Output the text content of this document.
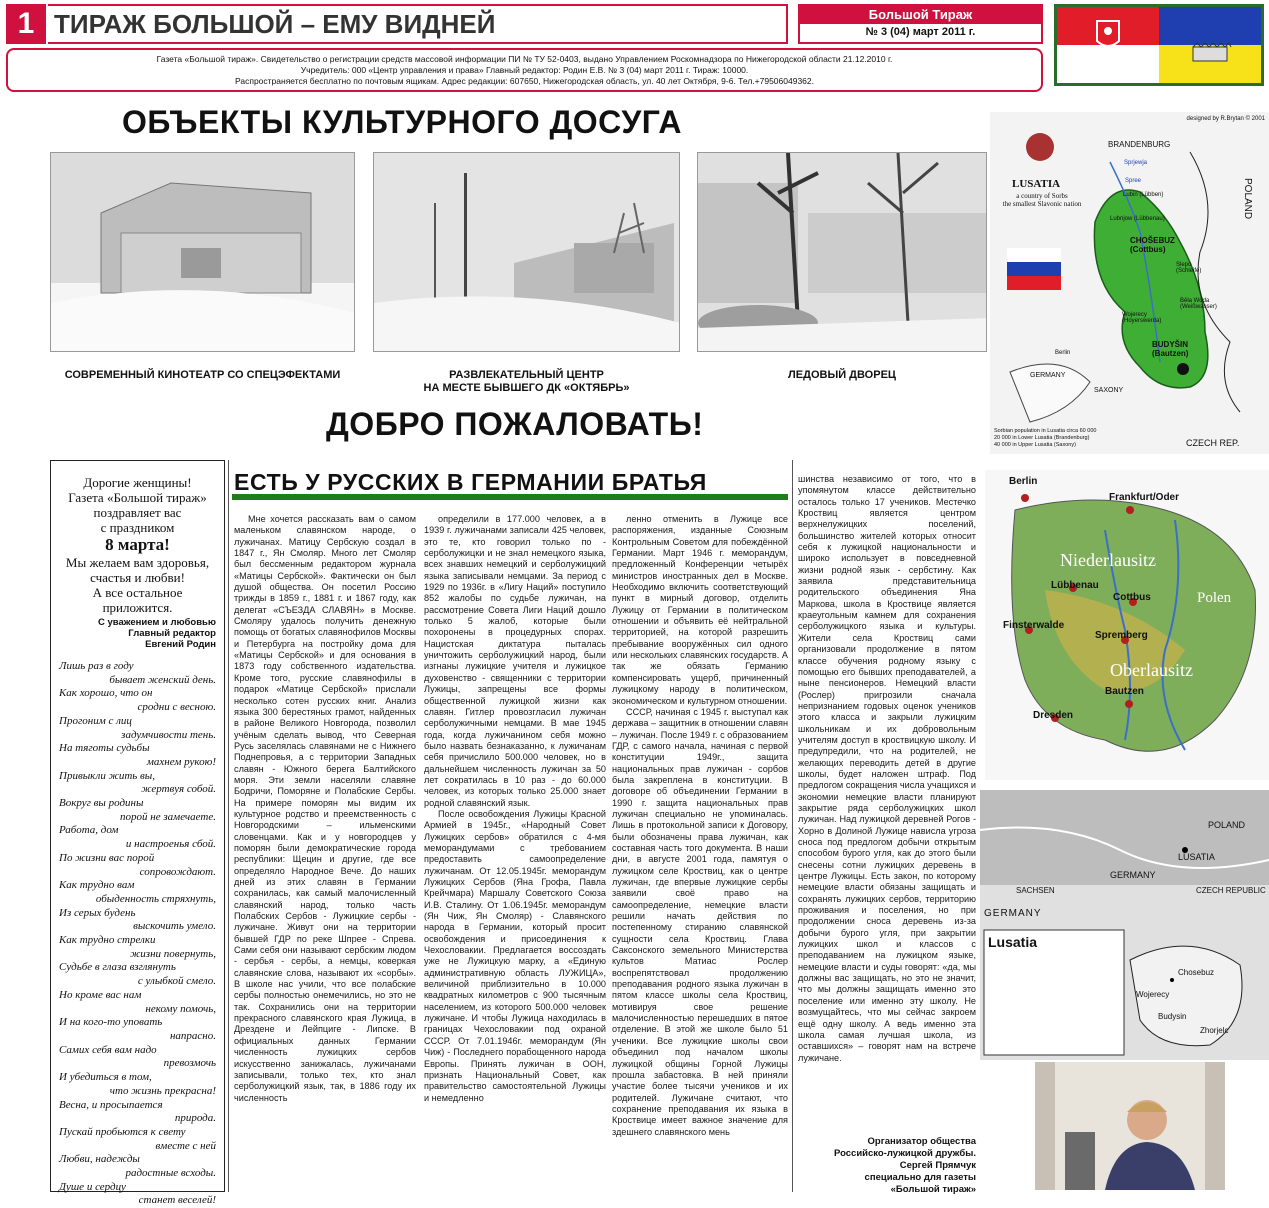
1 ТИРАЖ БОЛЬШОЙ – ЕМУ ВИДНЕЙ	Большой Тираж
№ 3 (04) март 2011 г.
Газета «Большой тираж». Свидетельство о регистрации средств массовой информации ПИ № ТУ 52-0403, выдано Управлением Роскомнадзора по Нижегородской области 21.12.2010 г.
Учредитель: 000 «Центр управления и права» Главный редактор: Родин Е.В. № 3 (04) март 2011 г. Тираж: 10000.
Распространяется бесплатно по почтовым ящикам. Адрес редакции: 607650, Нижегородская область, ул. 40 лет Октября, 9-6. Тел.+79506049362.
ОБЪЕКТЫ КУЛЬТУРНОГО ДОСУГА
СОВРЕМЕННЫЙ КИНОТЕАТР СО СПЕЦЭФЕКТАМИ	РАЗВЛЕКАТЕЛЬНЫЙ ЦЕНТР
НА МЕСТЕ БЫВШЕГО ДК «ОКТЯБРЬ»
ЛЕДОВЫЙ ДВОРЕЦ
ДОБРО ПОЖАЛОВАТЬ!
designed by R.Brytan © 2001
LUSATIA
a country of Sorbs
the smallest Slavonic nation
BRANDENBURG
POLAND
GERMANY
SAXONY
CZECH REP.
Sprjewja
Spree
Lubin (Lübben)
Lubnjow (Lübbenau)
CHOŠEBUZ (Cottbus)
Slepo (Schleife)
Běła Woda (Weißwasser)
Wojerecy (Hoyerswerda)
BUDYŠIN (Bautzen)
Berlin
Sorbian population in Lusatia circa 60 000
20 000 in Lower Lusatia (Brandenburg)
40 000 in Upper Lusatia (Saxony)
Berlin
Frankfurt/Oder
Lübbenau
Cottbus
Finsterwalde
Spremberg
Bautzen
Dresden
Niederlausitz
Oberlausitz
Polen
POLAND
GERMANY
LUSATIA
CZECH REPUBLIC
SACHSEN
GERMANY
Lusatia
Chosebuz
Wojerecy
Budysin
Zhorjelc
Дорогие женщины!
Газета «Большой тираж»
поздравляет вас
с праздником
8 марта!
Мы желаем вам здоровья,
счастья и любви!
А все остальное
приложится.
С уважением и любовью
Главный редактор
Евгений Родин
Лишь раз в году
бывает женский день.
Как хорошо, что он
сродни с весною.
Прогоним с лиц
задумчивости тень.
На тяготы судьбы
махнем рукою!
Привыкли жить вы,
жертвуя собой.
Вокруг вы родины
порой не замечаете.
Работа, дом
и настроенья сбой.
По жизни вас порой
сопровождают.
Как трудно вам
обыденность стряхнуть,
Из серых будень
выскочить умело.
Как трудно стрелки
жизни повернуть,
Судьбе в глаза взглянуть
с улыбкой смело.
Но кроме вас нам
некому помочь,
И на кого-то уповать
напрасно.
Самих себя вам надо
превозмочь
И убедиться в том,
что жизнь прекрасна!
Весна, и просыпается
природа.
Пускай пробьются к свету
вместе с ней
Любви, надежды
радостные всходы.
Душе и сердцу
станет веселей!
ЕСТЬ У РУССКИХ В ГЕРМАНИИ БРАТЬЯ

Мне хочется рассказать вам о самом маленьком славянском народе, о лужичанах. Матицу Сербскую создал в 1847 г., Ян Смоляр. Много лет Смоляр был бессменным редактором журнала «Матицы Сербской». Фактически он был душой общества. Он посетил Россию трижды в 1859 г., 1881 г. и 1867 году, как делегат «СЪЕЗДА СЛАВЯН» в Москве. Смоляру удалось получить денежную помощь от богатых славянофилов Москвы и Петербурга на постройку дома для «Матицы Сербской» и для основания в 1873 году собственного издательства. Кроме того, русские славянофилы в подарок «Матице Сербской» прислали несколько сотен русских книг. Анализ языка 300 берестяных грамот, найденных в районе Великого Новгорода, позволил учёным сделать вывод, что Северная Русь заселялась славянами не с Нижнего Поднепровья, а с территории Западных славян - Южного берега Балтийского моря. Эти земли населяли славяне Бодричи, Поморяне и Полабские Сербы. На примере поморян мы видим их культурное родство и преемственность с Новгородскими – ильменскими словенцами. Как и у новгородцев у поморян были демократические города республики: Щецин и другие, где все определяло Народное Вече. До наших дней из этих славян в Германии сохранилась, как самый малочисленный славянский народ, только часть Полабских Сербов - Лужицкие сербы - лужичане. Живут они на территории бывшей ГДР по реке Шпрее - Спрева. Сами себя они называют сербским людом - сербья - сербы, а немцы, коверкая славянские слова, называют их «сорбы». В школе нас учили, что все полабские сербы полностью онемечились, но это не так. Сохранились они на территории прекрасного славянского края Лужица, в Дрездене и Лейпциге - Липске. В официальных данных Германии численность лужицких сербов искусственно занижалась, лужичанами записывали, только тех, кто знал серболужицкий язык, так, в 1886 году их численность

определили в 177.000 человек, а в 1939 г. лужичанами записали 425 человек, это те, кто говорил только по - серболужицки и не знал немецкого языка, всех знавших немецкий и серболужицкий языка записывали немцами. За период с 1929 по 1936г. в «Лигу Наций» поступило 852 жалобы по судьбе лужичан, на рассмотрение Совета Лиги Наций дошло только 5 жалоб, которые были похоронены в процедурных спорах. Нацистская диктатура пыталась уничтожить серболужицкий народ, были изгнаны лужицкие учителя и лужицкое духовенство - священники с территории Лужицы, запрещены все формы общественной лужицкой жизни как славян. Гитлер провозгласил лужичан серболужичными немцами. В мае 1945 года, когда лужичанином себя можно было назвать безнаказанно, к лужичанам себя причислило 500.000 человек, но в дальнейшем численность лужичан за 50 лет сократилась в 10 раз - до 60.000 человек, из которых только 25.000 знает родной славянский язык.

После освобождения Лужицы Красной Армией в 1945г., «Народный Совет Лужицких сербов» обратился с 4-мя меморандумами с требованием предоставить самоопределение лужичанам. От 12.05.1945г. меморандум Лужицких Сербов (Яна Грофа, Павла Крейчмара) Маршалу Советского Союза И.В. Сталину. От 1.06.1945г. меморандум (Ян Чиж, Ян Смоляр) - Славянского народа в Германии, который просит освобождения и присоединения к Чехословакии. Предлагается воссоздать уже не Лужицкую марку, а «Единую административную область ЛУЖИЦА», величиной приблизительно в 10.000 квадратных километров с 900 тысячным населением, из которого 500.000 человек лужичане. И чтобы Лужица находилась в границах Чехословакии под охраной СССР. От 7.01.1946г. меморандум (Ян Чиж) - Последнего порабощенного народа Европы. Принять лужичан в ООН, признать Национальный Совет, как правительство самостоятельной Лужицы и немедленно

ленно отменить в Лужице все распоряжения, изданные Союзным Контрольным Советом для побеждённой Германии. Март 1946 г. меморандум, предложенный Конференции четырёх министров иностранных дел в Москве. Необходимо включить соответствующий пункт в мирный договор, отделить Лужицу от Германии в политическом отношении и объявить её нейтральной территорией, на которой разрешить пребывание вооружённых сил одного или нескольких славянских государств. А так же обязать Германию компенсировать ущерб, причиненный лужицкому народу в политическом, экономическом и культурном отношении.

СССР, начиная с 1945 г. выступал как держава – защитник в отношении славян – лужичан. После 1949 г. с образованием ГДР, с самого начала, начиная с первой конституции 1949г., защита национальных прав лужичан - сорбов была закреплена в конституции. В договоре об объединении Германии в 1990 г. защита национальных прав лужичан специально не упоминалась. Лишь в протокольной записи к Договору, были обозначены права лужичан, как составная часть того документа. В наши дни, в августе 2001 года, памятуя о лужицком селе Кроствиц, как о центре лужичан, где впервые лужицкие сербы заявили своё право на самоопределение, немецкие власти решили начать действия по постепенному стиранию славянской сущности села Кроствиц. Глава Саксонского земельного Министерства культов Матиас Рослер воспрепятствовал продолжению преподавания родного языка лужичан в пятом классе школы села Кроствиц, мотивируя свое решение малочисленностью перешедших в пятое отделение. В этой же школе было 51 ученики. Все лужицкие школы свои объединил под началом школы лужицкой общины Горной Лужицы прошла забастовка. В ней приняли участие более тысячи учеников и их родителей. Лужичане считают, что сохранение преподавания их языка в Кроствице имеет важное значение для здешнего славянского мень

шинства независимо от того, что в упомянутом классе действительно осталось только 17 учеников. Местечко Кроствиц является центром верхнелужицких поселений, большинство жителей которых относит себя к лужицкой национальности и широко использует в повседневной жизни родной язык - сербстину. Как заявила представительница родительского объединения Яна Маркова, школа в Кроствице является краеугольным камнем для сохранения серболужицкого языка и культуры. Жители села Кроствиц сами организовали продолжение в пятом классе обучения родному языку с помощью его бывших преподавателей, а ныне пенсионеров. Немецкий власти (Рослер) пригрозили сначала непризнанием годовых оценок учеников этого класса и закрыли лужицким школьникам и их добровольным учителям доступ в кроствицкую школу. И предупредили, что на родителей, не желающих переводить детей в другие школы, будет наложен штраф. Под предлогом сокращения числа учащихся и экономии немецкие власти планируют закрытие ряда серболужицких школ лужичан. Над лужицкой деревней Рогов - Хорно в Долиной Лужице нависла угроза сноса под предлогом добычи открытым способом бурого угля, как до этого были снесены сотни лужицких деревень в центре Лужицы. Есть закон, по которому немецкие власти обязаны защищать и сохранять лужицких сербов, территорию проживания и поселения, но при продолжении сноса деревень из-за добычи бурого угля, при закрытии лужицких школ и классов с преподаванием на лужицком языке, немецкие власти и суды говорят: «да, мы должны вас защищать, но это не значит, что мы должны защищать именно это поселение или именно эту школу. Не возмущайтесь, что мы сейчас закроем ещё одну школу. А ведь именно эта школа самая лучшая школа, из оставшихся» – говорят нам на встрече лужичане.

Организатор общества
Российско-лужицкой дружбы.
Сергей Прямчук
специально для газеты
«Большой тираж»
